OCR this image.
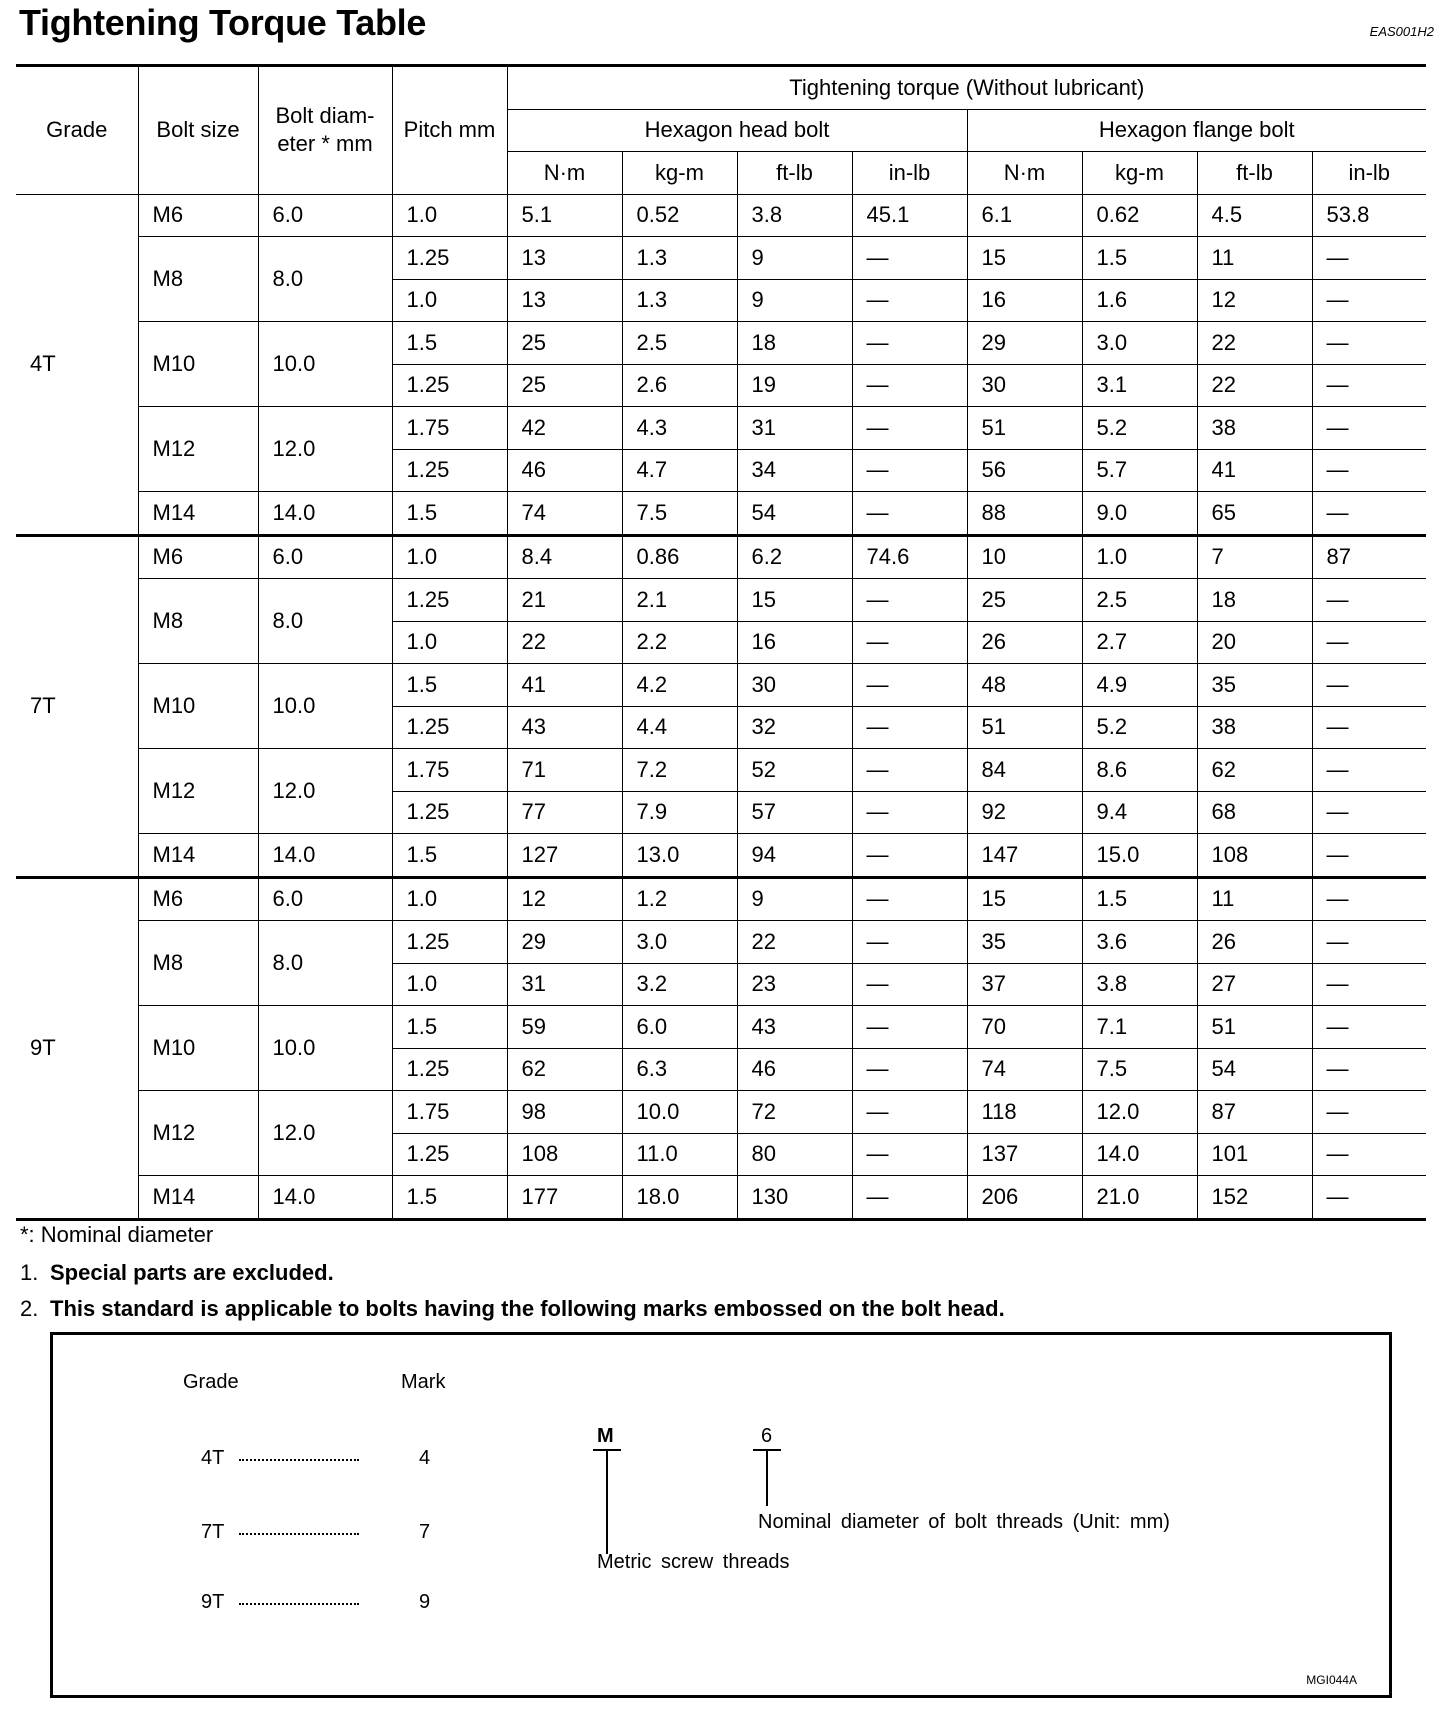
Tightening Torque Table	EAS001H2
Grade	Bolt size	Bolt diam- eter * mm	Pitch mm	Tightening torque (Without lubricant)							
				Hexagon head bolt				Hexagon flange bolt			
				N·m	kg-m	ft-lb	in-lb	N·m	kg-m	ft-lb	in-lb
4T	M6	6.0	1.0	5.1	0.52	3.8	45.1	6.1	0.62	4.5	53.8
	M8	8.0	1.25	13	1.3	9	—	15	1.5	11	—
			1.0	13	1.3	9	—	16	1.6	12	—
	M10	10.0	1.5	25	2.5	18	—	29	3.0	22	—
			1.25	25	2.6	19	—	30	3.1	22	—
	M12	12.0	1.75	42	4.3	31	—	51	5.2	38	—
			1.25	46	4.7	34	—	56	5.7	41	—
	M14	14.0	1.5	74	7.5	54	—	88	9.0	65	—
7T	M6	6.0	1.0	8.4	0.86	6.2	74.6	10	1.0	7	87
	M8	8.0	1.25	21	2.1	15	—	25	2.5	18	—
			1.0	22	2.2	16	—	26	2.7	20	—
	M10	10.0	1.5	41	4.2	30	—	48	4.9	35	—
			1.25	43	4.4	32	—	51	5.2	38	—
	M12	12.0	1.75	71	7.2	52	—	84	8.6	62	—
			1.25	77	7.9	57	—	92	9.4	68	—
	M14	14.0	1.5	127	13.0	94	—	147	15.0	108	—
9T	M6	6.0	1.0	12	1.2	9	—	15	1.5	11	—
	M8	8.0	1.25	29	3.0	22	—	35	3.6	26	—
			1.0	31	3.2	23	—	37	3.8	27	—
	M10	10.0	1.5	59	6.0	43	—	70	7.1	51	—
			1.25	62	6.3	46	—	74	7.5	54	—
	M12	12.0	1.75	98	10.0	72	—	118	12.0	87	—
			1.25	108	11.0	80	—	137	14.0	101	—
	M14	14.0	1.5	177	18.0	130	—	206	21.0	152	—
*: Nominal diameter
1. Special parts are excluded.
2. This standard is applicable to bolts having the following marks embossed on the bolt head.
Grade	Mark
4T	4
7T	7
9T	9
M	6
Nominal diameter of bolt threads (Unit: mm)
Metric screw threads
MGI044A
